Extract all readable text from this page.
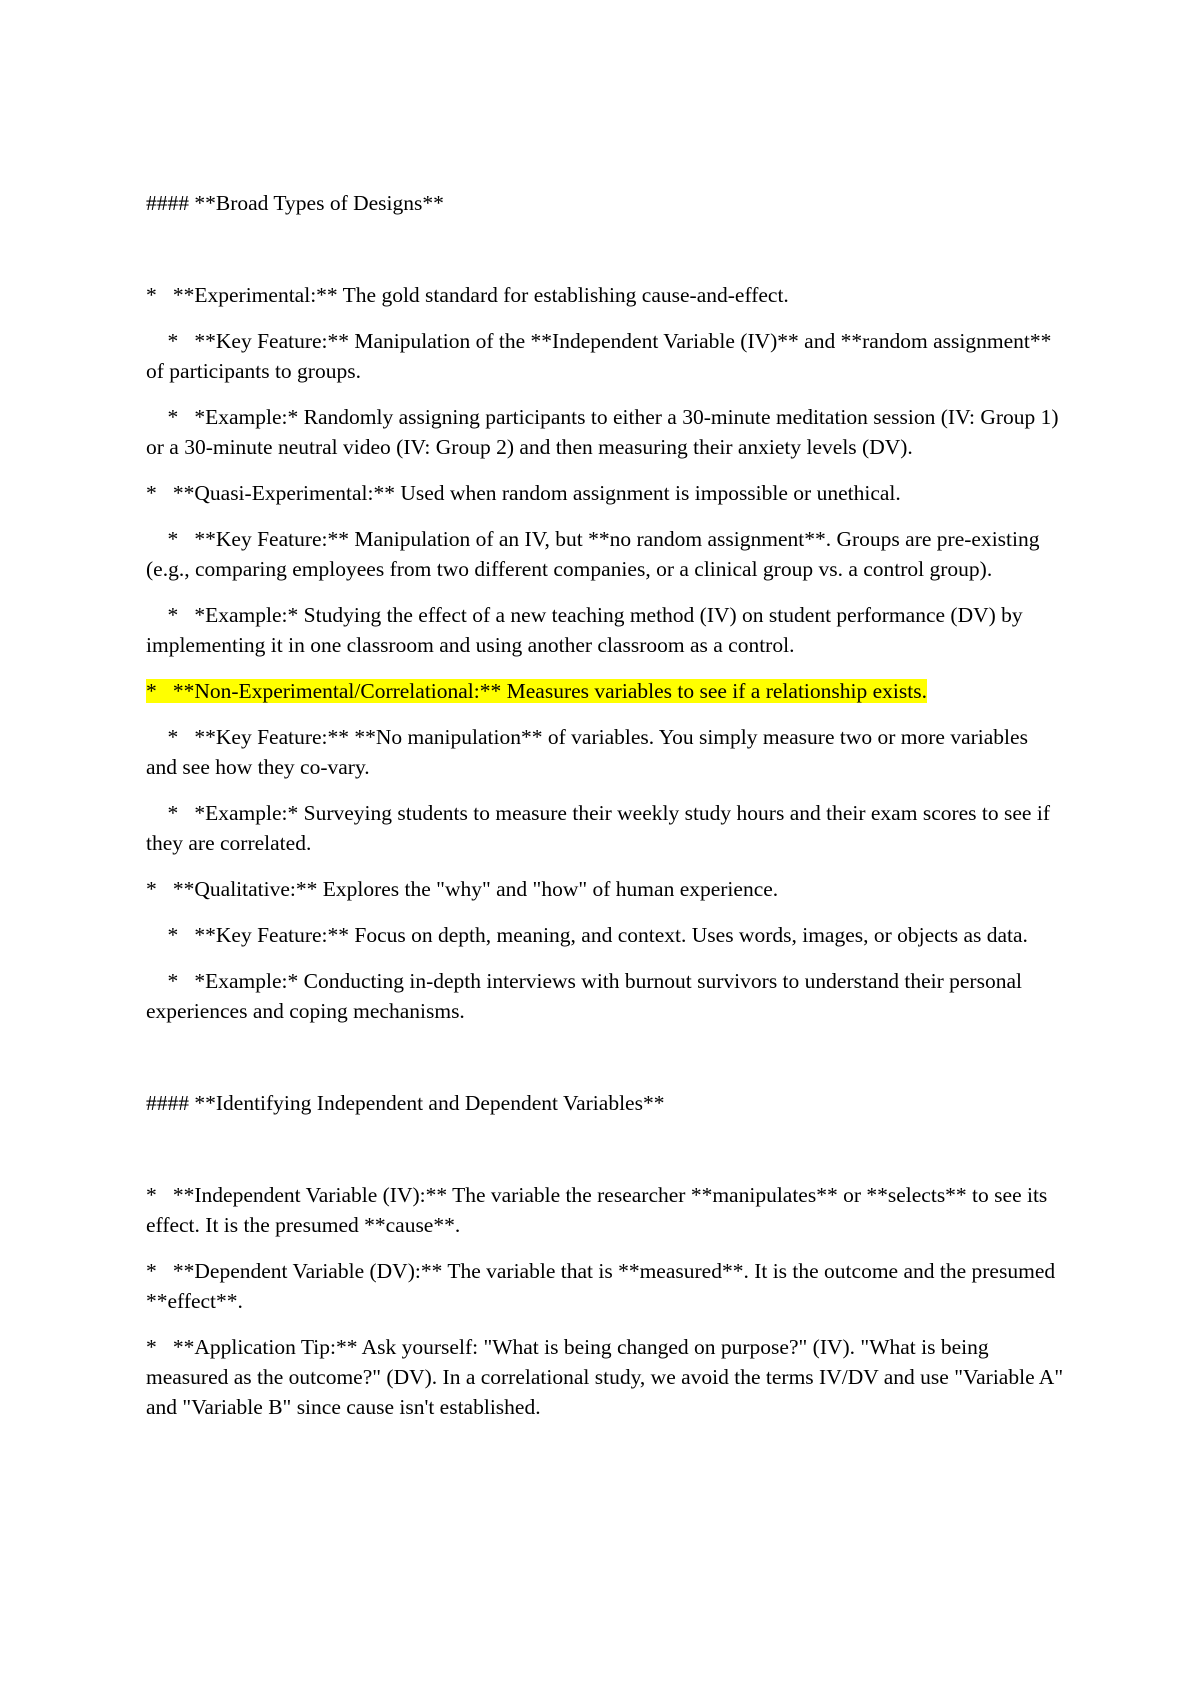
#### **Broad Types of Designs**
*   **Experimental:** The gold standard for establishing cause-and-effect.
*   **Key Feature:** Manipulation of the **Independent Variable (IV)** and **random assignment** of participants to groups.
*   *Example:* Randomly assigning participants to either a 30-minute meditation session (IV: Group 1) or a 30-minute neutral video (IV: Group 2) and then measuring their anxiety levels (DV).
*   **Quasi-Experimental:** Used when random assignment is impossible or unethical.
*   **Key Feature:** Manipulation of an IV, but **no random assignment**. Groups are pre-existing (e.g., comparing employees from two different companies, or a clinical group vs. a control group).
*   *Example:* Studying the effect of a new teaching method (IV) on student performance (DV) by implementing it in one classroom and using another classroom as a control.
*   **Non-Experimental/Correlational:** Measures variables to see if a relationship exists.
*   **Key Feature:** **No manipulation** of variables. You simply measure two or more variables and see how they co-vary.
*   *Example:* Surveying students to measure their weekly study hours and their exam scores to see if they are correlated.
*   **Qualitative:** Explores the "why" and "how" of human experience.
*   **Key Feature:** Focus on depth, meaning, and context. Uses words, images, or objects as data.
*   *Example:* Conducting in-depth interviews with burnout survivors to understand their personal experiences and coping mechanisms.
#### **Identifying Independent and Dependent Variables**
*   **Independent Variable (IV):** The variable the researcher **manipulates** or **selects** to see its effect. It is the presumed **cause**.
*   **Dependent Variable (DV):** The variable that is **measured**. It is the outcome and the presumed **effect**.
*   **Application Tip:** Ask yourself: "What is being changed on purpose?" (IV). "What is being measured as the outcome?" (DV). In a correlational study, we avoid the terms IV/DV and use "Variable A" and "Variable B" since cause isn't established.
